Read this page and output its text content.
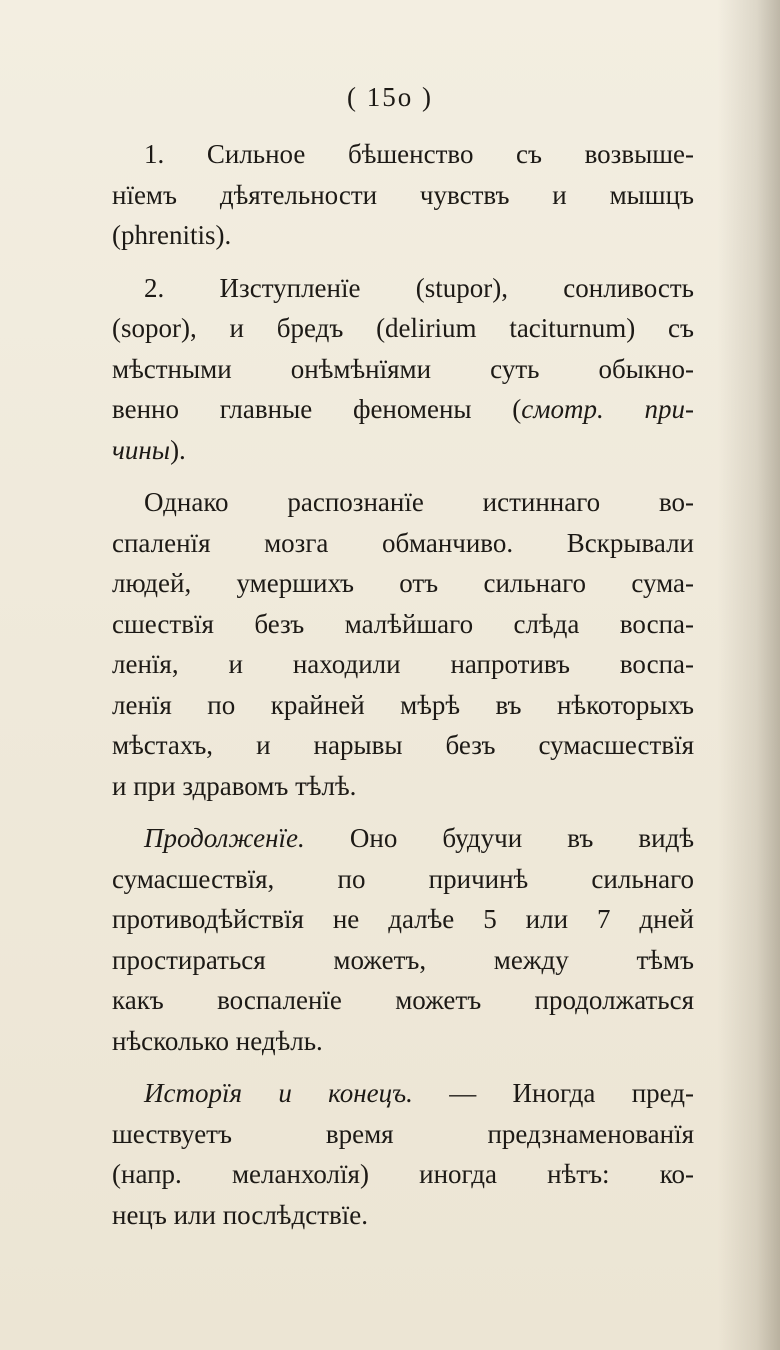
( 15о )
1. Сильное бѣшенство съ возвыше-
нїемъ дѣятельности чувствъ и мышцъ
(phrenitis).
2. Изступленїе (stupor), сонливость
(sopor), и бредъ (delirium taciturnum) съ
мѣстными онѣмѣнїями суть обыкно-
венно главные феномены (смотр. при-
чины).
Однако распознанїе истиннаго во-
спаленїя мозга обманчиво. Вскрывали
людей, умершихъ отъ сильнаго сума-
сшествїя безъ малѣйшаго слѣда воспа-
ленїя, и находили напротивъ воспа-
ленїя по крайней мѣрѣ въ нѣкоторыхъ
мѣстахъ, и нарывы безъ сумасшествїя
и при здравомъ тѣлѣ.
Продолженїе. Оно будучи въ видѣ
сумасшествїя, по причинѣ сильнаго
противодѣйствїя не далѣе 5 или 7 дней
простираться можетъ, между тѣмъ
какъ воспаленїе можетъ продолжаться
нѣсколько недѣль.
Исторїя и конецъ. — Иногда пред-
шествуетъ время предзнаменованїя
(напр. меланхолїя) иногда нѣтъ: ко-
нецъ или послѣдствїе.
